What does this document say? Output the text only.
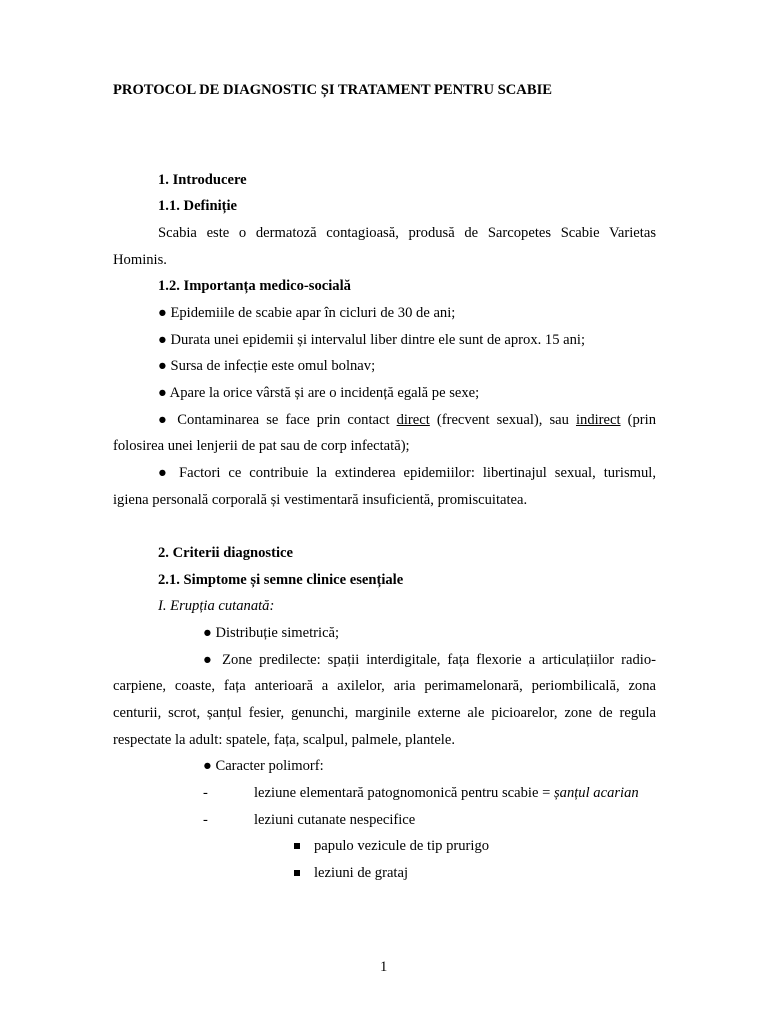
PROTOCOL DE DIAGNOSTIC ȘI TRATAMENT PENTRU SCABIE
1. Introducere
1.1. Definiție
Scabia este o dermatoză contagioasă, produsă de Sarcopetes Scabie Varietas
Hominis.
1.2. Importanța medico-socială
● Epidemiile de scabie apar în cicluri de 30 de ani;
● Durata unei epidemii și intervalul liber dintre ele sunt de aprox. 15 ani;
● Sursa de infecție este omul bolnav;
● Apare la orice vârstă și are o incidență egală pe sexe;
● Contaminarea se face prin contact direct (frecvent sexual), sau indirect (prin
folosirea unei lenjerii de pat sau de corp infectată);
● Factori ce contribuie la extinderea epidemiilor: libertinajul sexual, turismul,
igiena personală corporală și vestimentară insuficientă, promiscuitatea.
2. Criterii diagnostice
2.1. Simptome și semne clinice esențiale
I. Erupția cutanată:
● Distribuție simetrică;
● Zone predilecte: spații interdigitale, fața flexorie a articulațiilor radio-
carpiene, coaste, fața anterioară a axilelor, aria perimamelonară, periombilicală, zona
centurii, scrot, șanțul fesier, genunchi, marginile externe ale picioarelor, zone de regula
respectate la adult: spatele, fața, scalpul, palmele, plantele.
● Caracter polimorf:
-	leziune elementară patognomonică pentru scabie = șanțul acarian
-	leziuni cutanate nespecifice
papulo vezicule de tip prurigo
leziuni de grataj
1
